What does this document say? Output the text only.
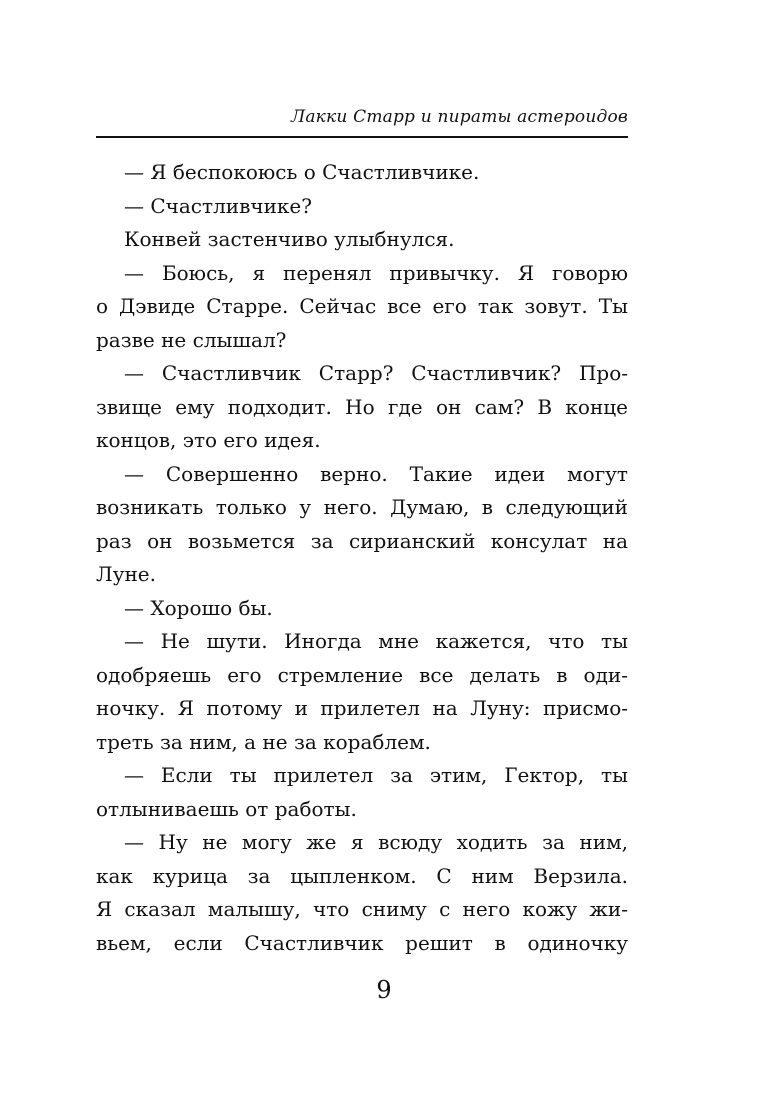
Лакки Старр и пираты астероидов
— Я беспокоюсь о Счастливчике.
— Счастливчике?
Конвей застенчиво улыбнулся.
— Боюсь, я перенял привычку. Я говорю
о Дэвиде Старре. Сейчас все его так зовут. Ты
разве не слышал?
— Счастливчик Старр? Счастливчик? Про-
звище ему подходит. Но где он сам? В конце
концов, это его идея.
— Совершенно верно. Такие идеи могут
возникать только у него. Думаю, в следующий
раз он возьмется за сирианский консулат на
Луне.
— Хорошо бы.
— Не шути. Иногда мне кажется, что ты
одобряешь его стремление все делать в оди-
ночку. Я потому и прилетел на Луну: присмо-
треть за ним, а не за кораблем.
— Если ты прилетел за этим, Гектор, ты
отлыниваешь от работы.
— Ну не могу же я всюду ходить за ним,
как курица за цыпленком. С ним Верзила.
Я сказал малышу, что сниму с него кожу жи-
вьем, если Счастливчик решит в одиночку
9
